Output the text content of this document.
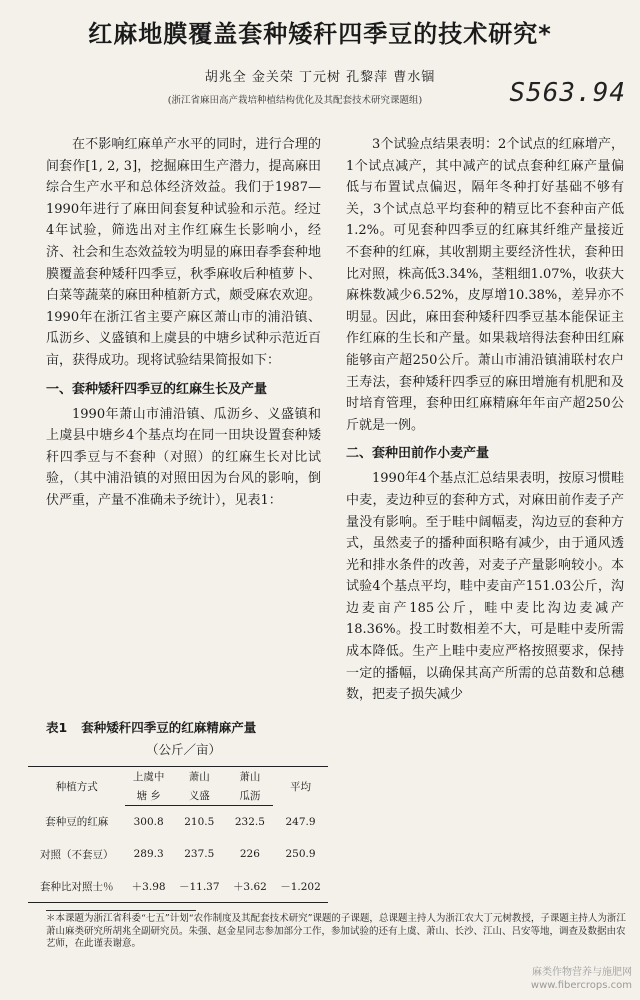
红麻地膜覆盖套种矮秆四季豆的技术研究*
胡兆全 金关荣 丁元树 孔黎萍 曹水锢
(浙江省麻田高产栽培种植结构优化及其配套技术研究课题组)	S563.94

在不影响红麻单产水平的同时，进行合理的间套作[1, 2, 3]，挖掘麻田生产潜力，提高麻田综合生产水平和总体经济效益。我们于1987—1990年进行了麻田间套复种试验和示范。经过4年试验，筛选出对主作红麻生长影响小，经济、社会和生态效益较为明显的麻田春季套种地膜覆盖套种矮秆四季豆，秋季麻收后种植萝卜、白菜等蔬菜的麻田种植新方式，颇受麻农欢迎。1990年在浙江省主要产麻区萧山市的浦沿镇、瓜沥乡、义盛镇和上虞县的中塘乡试种示范近百亩，获得成功。现将试验结果简报如下：

一、套种矮秆四季豆的红麻生长及产量

1990年萧山市浦沿镇、瓜沥乡、义盛镇和上虞县中塘乡4个基点均在同一田块设置套种矮秆四季豆与不套种（对照）的红麻生长对比试验，（其中浦沿镇的对照田因为台风的影响，倒伏严重，产量不准确未予统计），见表1：

表1 套种矮秆四季豆的红麻精麻产量
（公斤／亩）
种植方式	上虞中	萧山	萧山	平均
	塘 乡	义盛	瓜沥	
套种豆的红麻	300.8	210.5	232.5	247.9
对照（不套豆）	289.3	237.5	226	250.9
套种比对照士％	＋3.98	－11.37	＋3.62	－1.202

3个试验点结果表明：2个试点的红麻增产，1个试点减产，其中减产的试点套种红麻产量偏低与布置试点偏迟，隔年冬种打好基础不够有关，3个试点总平均套种的精豆比不套种亩产低1.2%。可见套种四季豆的红麻其纤维产量接近不套种的红麻，其收割期主要经济性状，套种田比对照，株高低3.34%，茎粗细1.07%，收获大麻株数减少6.52%，皮厚增10.38%，差异亦不明显。因此，麻田套种矮秆四季豆基本能保证主作红麻的生长和产量。如果栽培得法套种田红麻能够亩产超250公斤。萧山市浦沿镇浦联村农户王寿法，套种矮秆四季豆的麻田增施有机肥和及时培育管理，套种田红麻精麻年年亩产超250公斤就是一例。

二、套种田前作小麦产量

1990年4个基点汇总结果表明，按原习惯畦中麦，麦边种豆的套种方式，对麻田前作麦子产量没有影响。至于畦中阔幅麦，沟边豆的套种方式，虽然麦子的播种面积略有减少，由于通风透光和排水条件的改善，对麦子产量影响较小。本试验4个基点平均，畦中麦亩产151.03公斤，沟边麦亩产185公斤，畦中麦比沟边麦减产18.36%。投工时数相差不大，可是畦中麦所需成本降低。生产上畦中麦应严格按照要求，保持一定的播幅，以确保其高产所需的总苗数和总穗数，把麦子损失减少

＊本课题为浙江省科委“七五”计划“农作制度及其配套技术研究”课题的子课题，总课题主持人为浙江农大丁元树教授，子课题主持人为浙江萧山麻类研究所胡兆全副研究员。朱强、赵金星同志参加部分工作，参加试验的还有上虞、萧山、长沙、江山、吕安等地，调查及数据由农艺师，在此谨表谢意。
麻类作物营养与施肥网
www.fibercrops.com
